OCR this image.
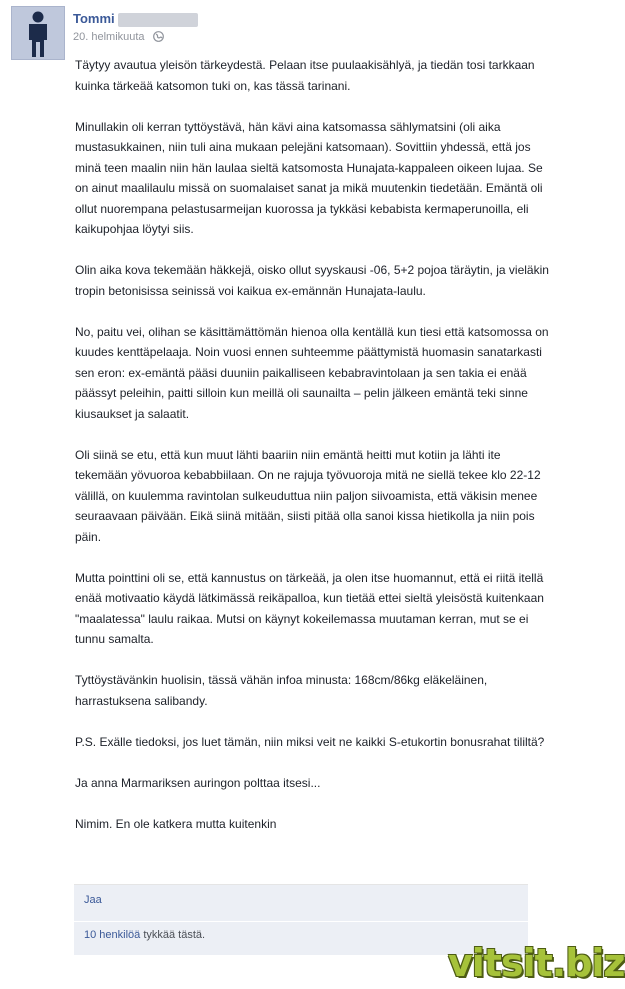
Tommi
20. helmikuuta

Täytyy avautua yleisön tärkeydestä. Pelaan itse puulaakisählyä, ja tiedän tosi tarkkaan kuinka tärkeää katsomon tuki on, kas tässä tarinani.

Minullakin oli kerran tyttöystävä, hän kävi aina katsomassa sählymatsini (oli aika mustasukkainen, niin tuli aina mukaan pelejäni katsomaan). Sovittiin yhdessä, että jos minä teen maalin niin hän laulaa sieltä katsomosta Hunajata-kappaleen oikeen lujaa. Se on ainut maalilaulu missä on suomalaiset sanat ja mikä muutenkin tiedetään. Emäntä oli ollut nuorempana pelastusarmeijan kuorossa ja tykkäsi kebabista kermaperunoilla, eli kaikupohjaa löytyi siis.

Olin aika kova tekemään häkkejä, oisko ollut syyskausi -06, 5+2 pojoa täräytin, ja vieläkin tropin betonisissa seinissä voi kaikua ex-emännän Hunajata-laulu.

No, paitu vei, olihan se käsittämättömän hienoa olla kentällä kun tiesi että katsomossa on kuudes kenttäpelaaja. Noin vuosi ennen suhteemme päättymistä huomasin sanatarkasti sen eron: ex-emäntä pääsi duuniin paikalliseen kebabravintolaan ja sen takia ei enää päässyt peleihin, paitti silloin kun meillä oli saunailta – pelin jälkeen emäntä teki sinne kiusaukset ja salaatit.

Oli siinä se etu, että kun muut lähti baariin niin emäntä heitti mut kotiin ja lähti ite tekemään yövuoroa kebabbiilaan. On ne rajuja työvuoroja mitä ne siellä tekee klo 22-12 välillä, on kuulemma ravintolan sulkeuduttua niin paljon siivoamista, että väkisin menee seuraavaan päivään. Eikä siinä mitään, siisti pitää olla sanoi kissa hietikolla ja niin pois päin.

Mutta pointtini oli se, että kannustus on tärkeää, ja olen itse huomannut, että ei riitä itellä enää motivaatio käydä lätkimässä reikäpalloa, kun tietää ettei sieltä yleisöstä kuitenkaan "maalatessa" laulu raikaa. Mutsi on käynyt kokeilemassa muutaman kerran, mut se ei tunnu samalta.

Tyttöystävänkin huolisin, tässä vähän infoa minusta: 168cm/86kg eläkeläinen, harrastuksena salibandy.

P.S. Exälle tiedoksi, jos luet tämän, niin miksi veit ne kaikki S-etukortin bonusrahat tililtä?

Ja anna Marmariksen auringon polttaa itsesi...

Nimim. En ole katkera mutta kuitenkin

Jaa
10 henkilöä tykkää tästä.
vitsit.biz
